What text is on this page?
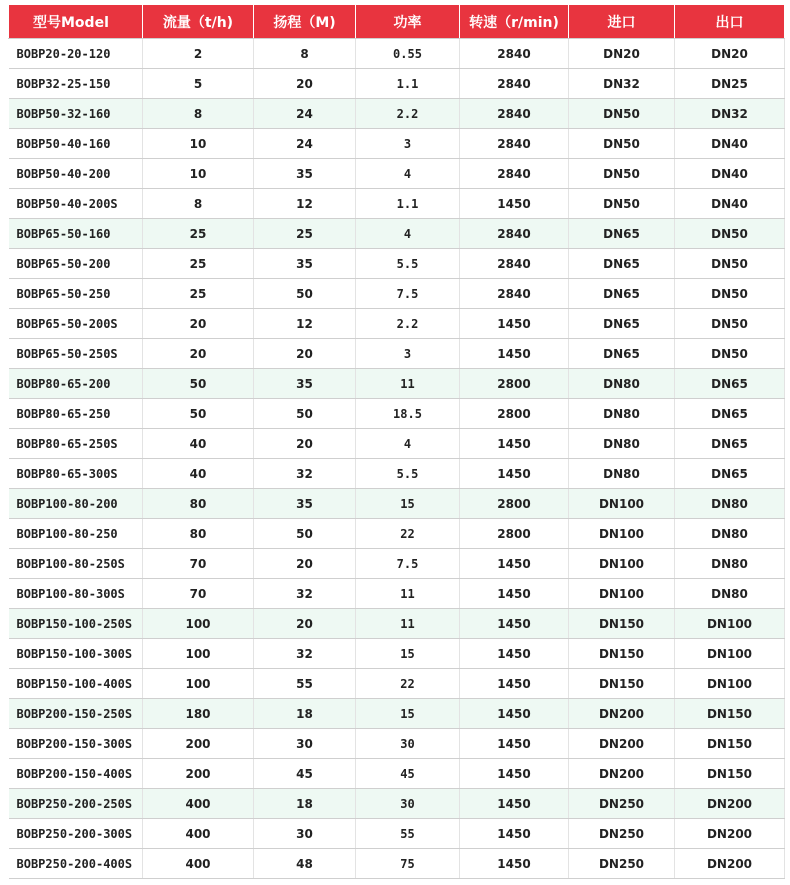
型号Model	流量（t/h)	扬程（M)	功率	转速（r/min)	进口	出口
BOBP20-20-120	2	8	0.55	2840	DN20	DN20
BOBP32-25-150	5	20	1.1	2840	DN32	DN25
BOBP50-32-160	8	24	2.2	2840	DN50	DN32
BOBP50-40-160	10	24	3	2840	DN50	DN40
BOBP50-40-200	10	35	4	2840	DN50	DN40
BOBP50-40-200S	8	12	1.1	1450	DN50	DN40
BOBP65-50-160	25	25	4	2840	DN65	DN50
BOBP65-50-200	25	35	5.5	2840	DN65	DN50
BOBP65-50-250	25	50	7.5	2840	DN65	DN50
BOBP65-50-200S	20	12	2.2	1450	DN65	DN50
BOBP65-50-250S	20	20	3	1450	DN65	DN50
BOBP80-65-200	50	35	11	2800	DN80	DN65
BOBP80-65-250	50	50	18.5	2800	DN80	DN65
BOBP80-65-250S	40	20	4	1450	DN80	DN65
BOBP80-65-300S	40	32	5.5	1450	DN80	DN65
BOBP100-80-200	80	35	15	2800	DN100	DN80
BOBP100-80-250	80	50	22	2800	DN100	DN80
BOBP100-80-250S	70	20	7.5	1450	DN100	DN80
BOBP100-80-300S	70	32	11	1450	DN100	DN80
BOBP150-100-250S	100	20	11	1450	DN150	DN100
BOBP150-100-300S	100	32	15	1450	DN150	DN100
BOBP150-100-400S	100	55	22	1450	DN150	DN100
BOBP200-150-250S	180	18	15	1450	DN200	DN150
BOBP200-150-300S	200	30	30	1450	DN200	DN150
BOBP200-150-400S	200	45	45	1450	DN200	DN150
BOBP250-200-250S	400	18	30	1450	DN250	DN200
BOBP250-200-300S	400	30	55	1450	DN250	DN200
BOBP250-200-400S	400	48	75	1450	DN250	DN200
